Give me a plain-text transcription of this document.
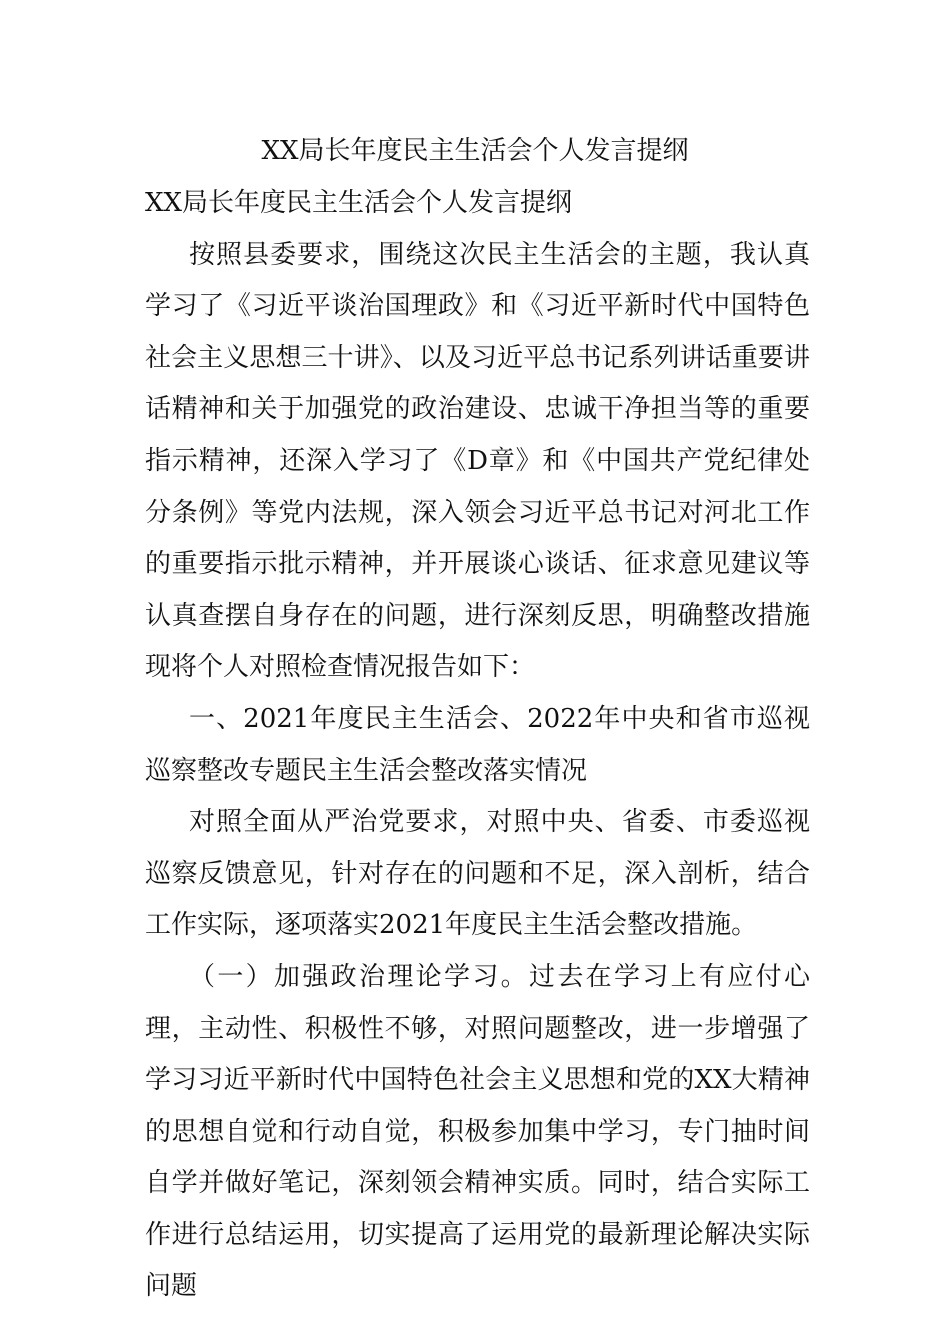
XX局长年度民主生活会个人发言提纲

XX局长年度民主生活会个人发言提纲

按照县委要求，围绕这次民主生活会的主题，我认真学习了《习近平谈治国理政》和《习近平新时代中国特色社会主义思想三十讲》、以及习近平总书记系列讲话重要讲话精神和关于加强党的政治建设、忠诚干净担当等的重要指示精神，还深入学习了《D章》和《中国共产党纪律处分条例》等党内法规，深入领会习近平总书记对河北工作的重要指示批示精神，并开展谈心谈话、征求意见建议等认真查摆自身存在的问题，进行深刻反思，明确整改措施现将个人对照检查情况报告如下：

一、2021年度民主生活会、2022年中央和省市巡视巡察整改专题民主生活会整改落实情况

对照全面从严治党要求，对照中央、省委、市委巡视巡察反馈意见，针对存在的问题和不足，深入剖析，结合工作实际，逐项落实2021年度民主生活会整改措施。

（一）加强政治理论学习。过去在学习上有应付心理，主动性、积极性不够，对照问题整改，进一步增强了学习习近平新时代中国特色社会主义思想和党的XX大精神的思想自觉和行动自觉，积极参加集中学习，专门抽时间自学并做好笔记，深刻领会精神实质。同时，结合实际工作进行总结运用，切实提高了运用党的最新理论解决实际问题
